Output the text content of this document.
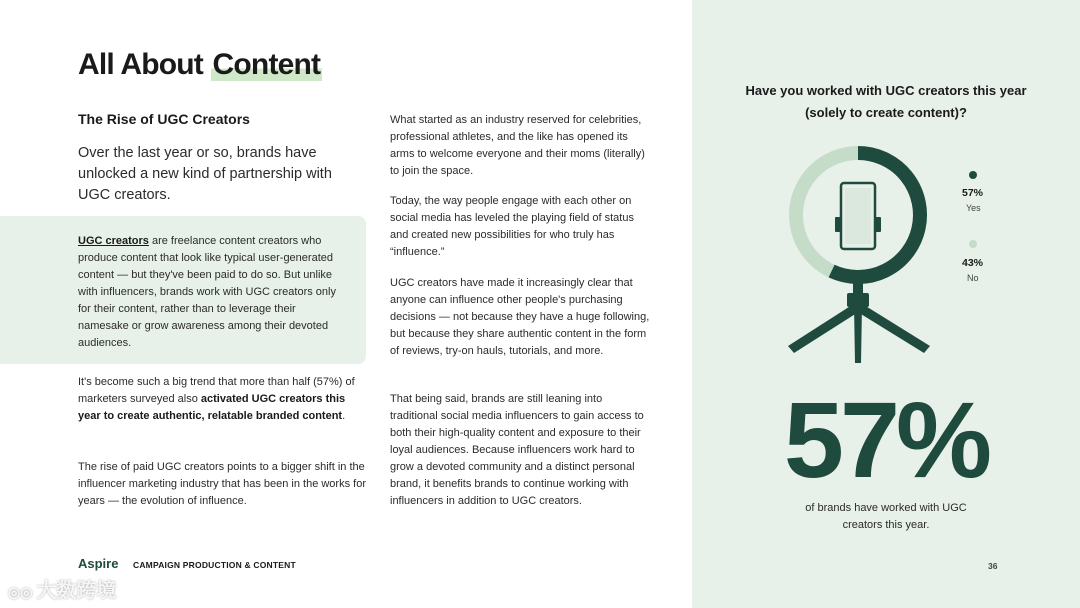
All About Content
The Rise of UGC Creators

Over the last year or so, brands have unlocked a new kind of partnership with UGC creators.

UGC creators are freelance content creators who produce content that look like typical user-generated content — but they've been paid to do so. But unlike with influencers, brands work with UGC creators only for their content, rather than to leverage their namesake or grow awareness among their devoted audiences.

It's become such a big trend that more than half (57%) of marketers surveyed also activated UGC creators this year to create authentic, relatable branded content.

The rise of paid UGC creators points to a bigger shift in the influencer marketing industry that has been in the works for years — the evolution of influence.

What started as an industry reserved for celebrities, professional athletes, and the like has opened its arms to welcome everyone and their moms (literally) to join the space.

Today, the way people engage with each other on social media has leveled the playing field of status and created new possibilities for who truly has “influence.”

UGC creators have made it increasingly clear that anyone can influence other people's purchasing decisions — not because they have a huge following, but because they share authentic content in the form of reviews, try-on hauls, tutorials, and more.

That being said, brands are still leaning into traditional social media influencers to gain access to both their high-quality content and exposure to their loyal audiences. Because influencers work hard to grow a devoted community and a distinct personal brand, it benefits brands to continue working with influencers in addition to UGC creators.

Aspire CAMPAIGN PRODUCTION & CONTENT
◎◎ 大数跨境

Have you worked with UGC creators this year (solely to create content)?

57%
Yes
43%
No

57%

of brands have worked with UGC creators this year.

36
